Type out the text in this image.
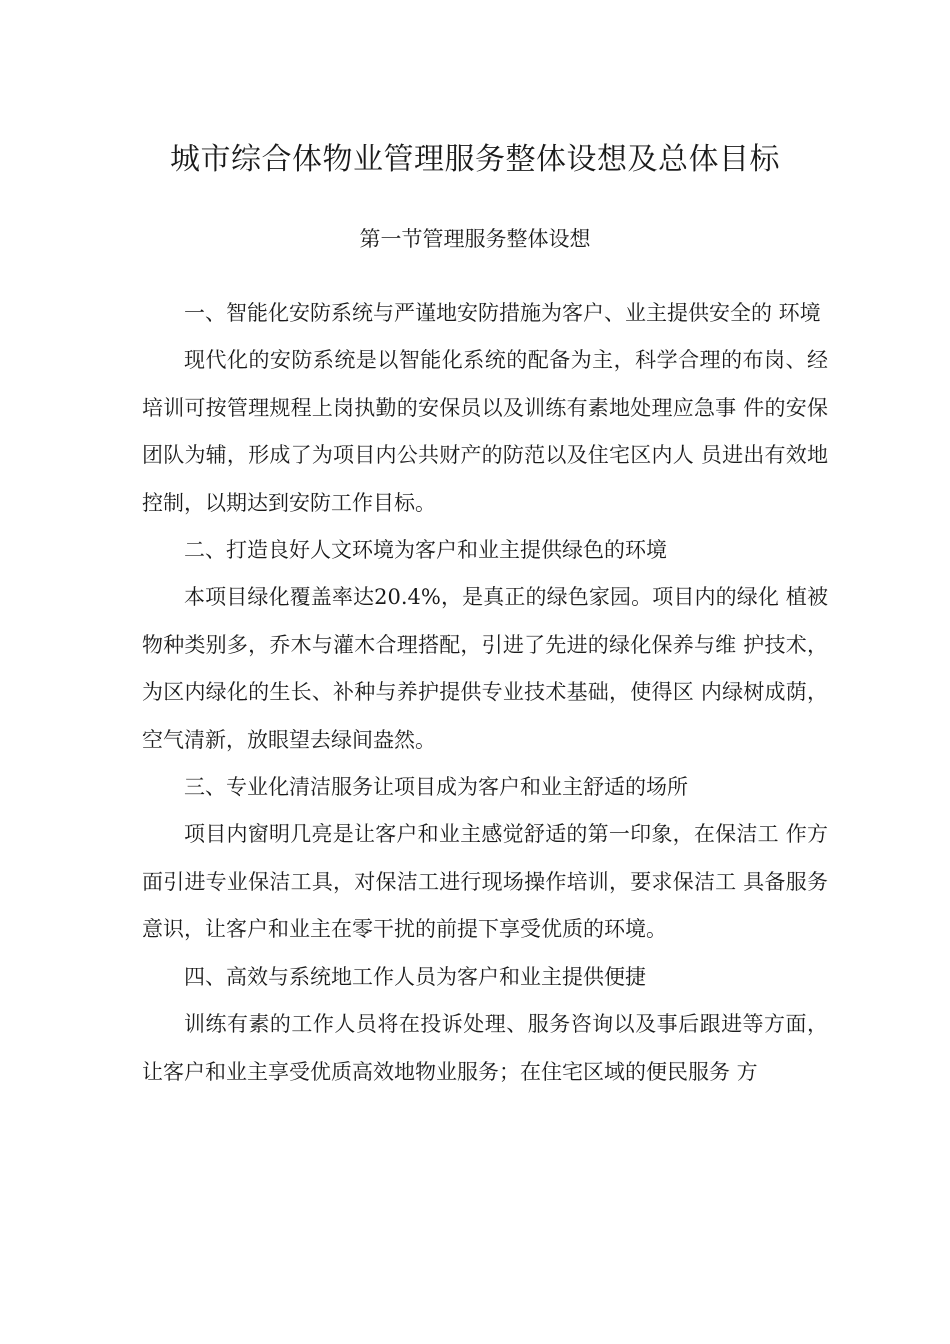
城市综合体物业管理服务整体设想及总体目标
第一节管理服务整体设想

一、智能化安防系统与严谨地安防措施为客户、业主提供安全的 环境

现代化的安防系统是以智能化系统的配备为主，科学合理的布岗、经培训可按管理规程上岗执勤的安保员以及训练有素地处理应急事 件的安保团队为辅，形成了为项目内公共财产的防范以及住宅区内人 员进出有效地控制，以期达到安防工作目标。

二、打造良好人文环境为客户和业主提供绿色的环境

本项目绿化覆盖率达20.4%，是真正的绿色家园。项目内的绿化 植被物种类别多，乔木与灌木合理搭配，引进了先进的绿化保养与维 护技术，为区内绿化的生长、补种与养护提供专业技术基础，使得区 内绿树成荫，空气清新，放眼望去绿间盎然。

三、专业化清洁服务让项目成为客户和业主舒适的场所

项目内窗明几亮是让客户和业主感觉舒适的第一印象，在保洁工 作方面引进专业保洁工具，对保洁工进行现场操作培训，要求保洁工 具备服务意识，让客户和业主在零干扰的前提下享受优质的环境。

四、高效与系统地工作人员为客户和业主提供便捷

训练有素的工作人员将在投诉处理、服务咨询以及事后跟进等方面，让客户和业主享受优质高效地物业服务；在住宅区域的便民服务 方
